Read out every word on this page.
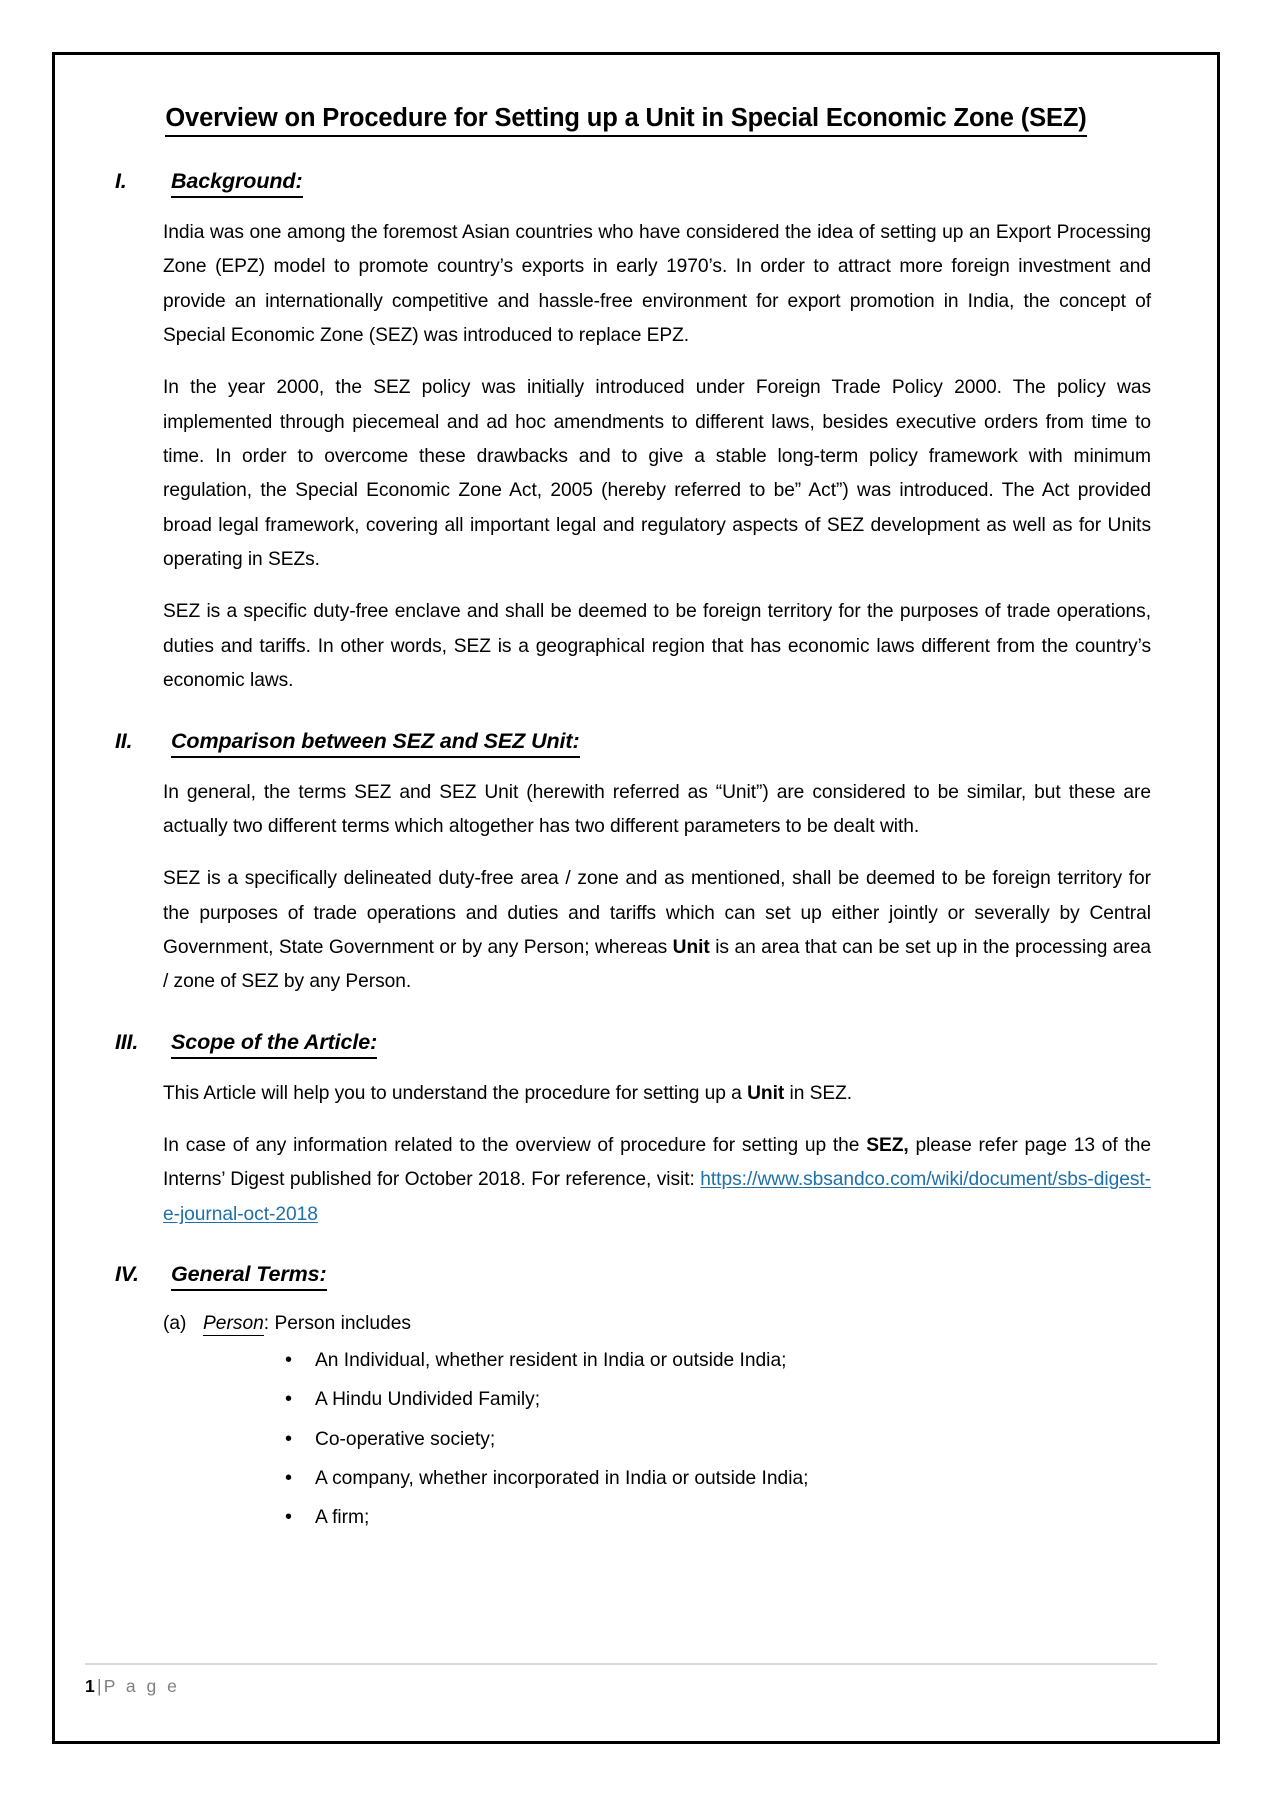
Overview on Procedure for Setting up a Unit in Special Economic Zone (SEZ)
I.	Background:

India was one among the foremost Asian countries who have considered the idea of setting up an Export Processing Zone (EPZ) model to promote country’s exports in early 1970’s. In order to attract more foreign investment and provide an internationally competitive and hassle-free environment for export promotion in India, the concept of Special Economic Zone (SEZ) was introduced to replace EPZ.

In the year 2000, the SEZ policy was initially introduced under Foreign Trade Policy 2000. The policy was implemented through piecemeal and ad hoc amendments to different laws, besides executive orders from time to time. In order to overcome these drawbacks and to give a stable long-term policy framework with minimum regulation, the Special Economic Zone Act, 2005 (hereby referred to be” Act”) was introduced. The Act provided broad legal framework, covering all important legal and regulatory aspects of SEZ development as well as for Units operating in SEZs.

SEZ is a specific duty-free enclave and shall be deemed to be foreign territory for the purposes of trade operations, duties and tariffs. In other words, SEZ is a geographical region that has economic laws different from the country’s economic laws.

II.	Comparison between SEZ and SEZ Unit:

In general, the terms SEZ and SEZ Unit (herewith referred as “Unit”) are considered to be similar, but these are actually two different terms which altogether has two different parameters to be dealt with.

SEZ is a specifically delineated duty-free area / zone and as mentioned, shall be deemed to be foreign territory for the purposes of trade operations and duties and tariffs which can set up either jointly or severally by Central Government, State Government or by any Person; whereas Unit is an area that can be set up in the processing area / zone of SEZ by any Person.

III.	Scope of the Article:

This Article will help you to understand the procedure for setting up a Unit in SEZ.

In case of any information related to the overview of procedure for setting up the SEZ, please refer page 13 of the Interns’ Digest published for October 2018. For reference, visit: https://www.sbsandco.com/wiki/document/sbs-digest-e-journal-oct-2018

IV.	General Terms:
(a) Person: Person includes
• An Individual, whether resident in India or outside India;
• A Hindu Undivided Family;
• Co-operative society;
• A company, whether incorporated in India or outside India;
• A firm;
1 | P a g e
